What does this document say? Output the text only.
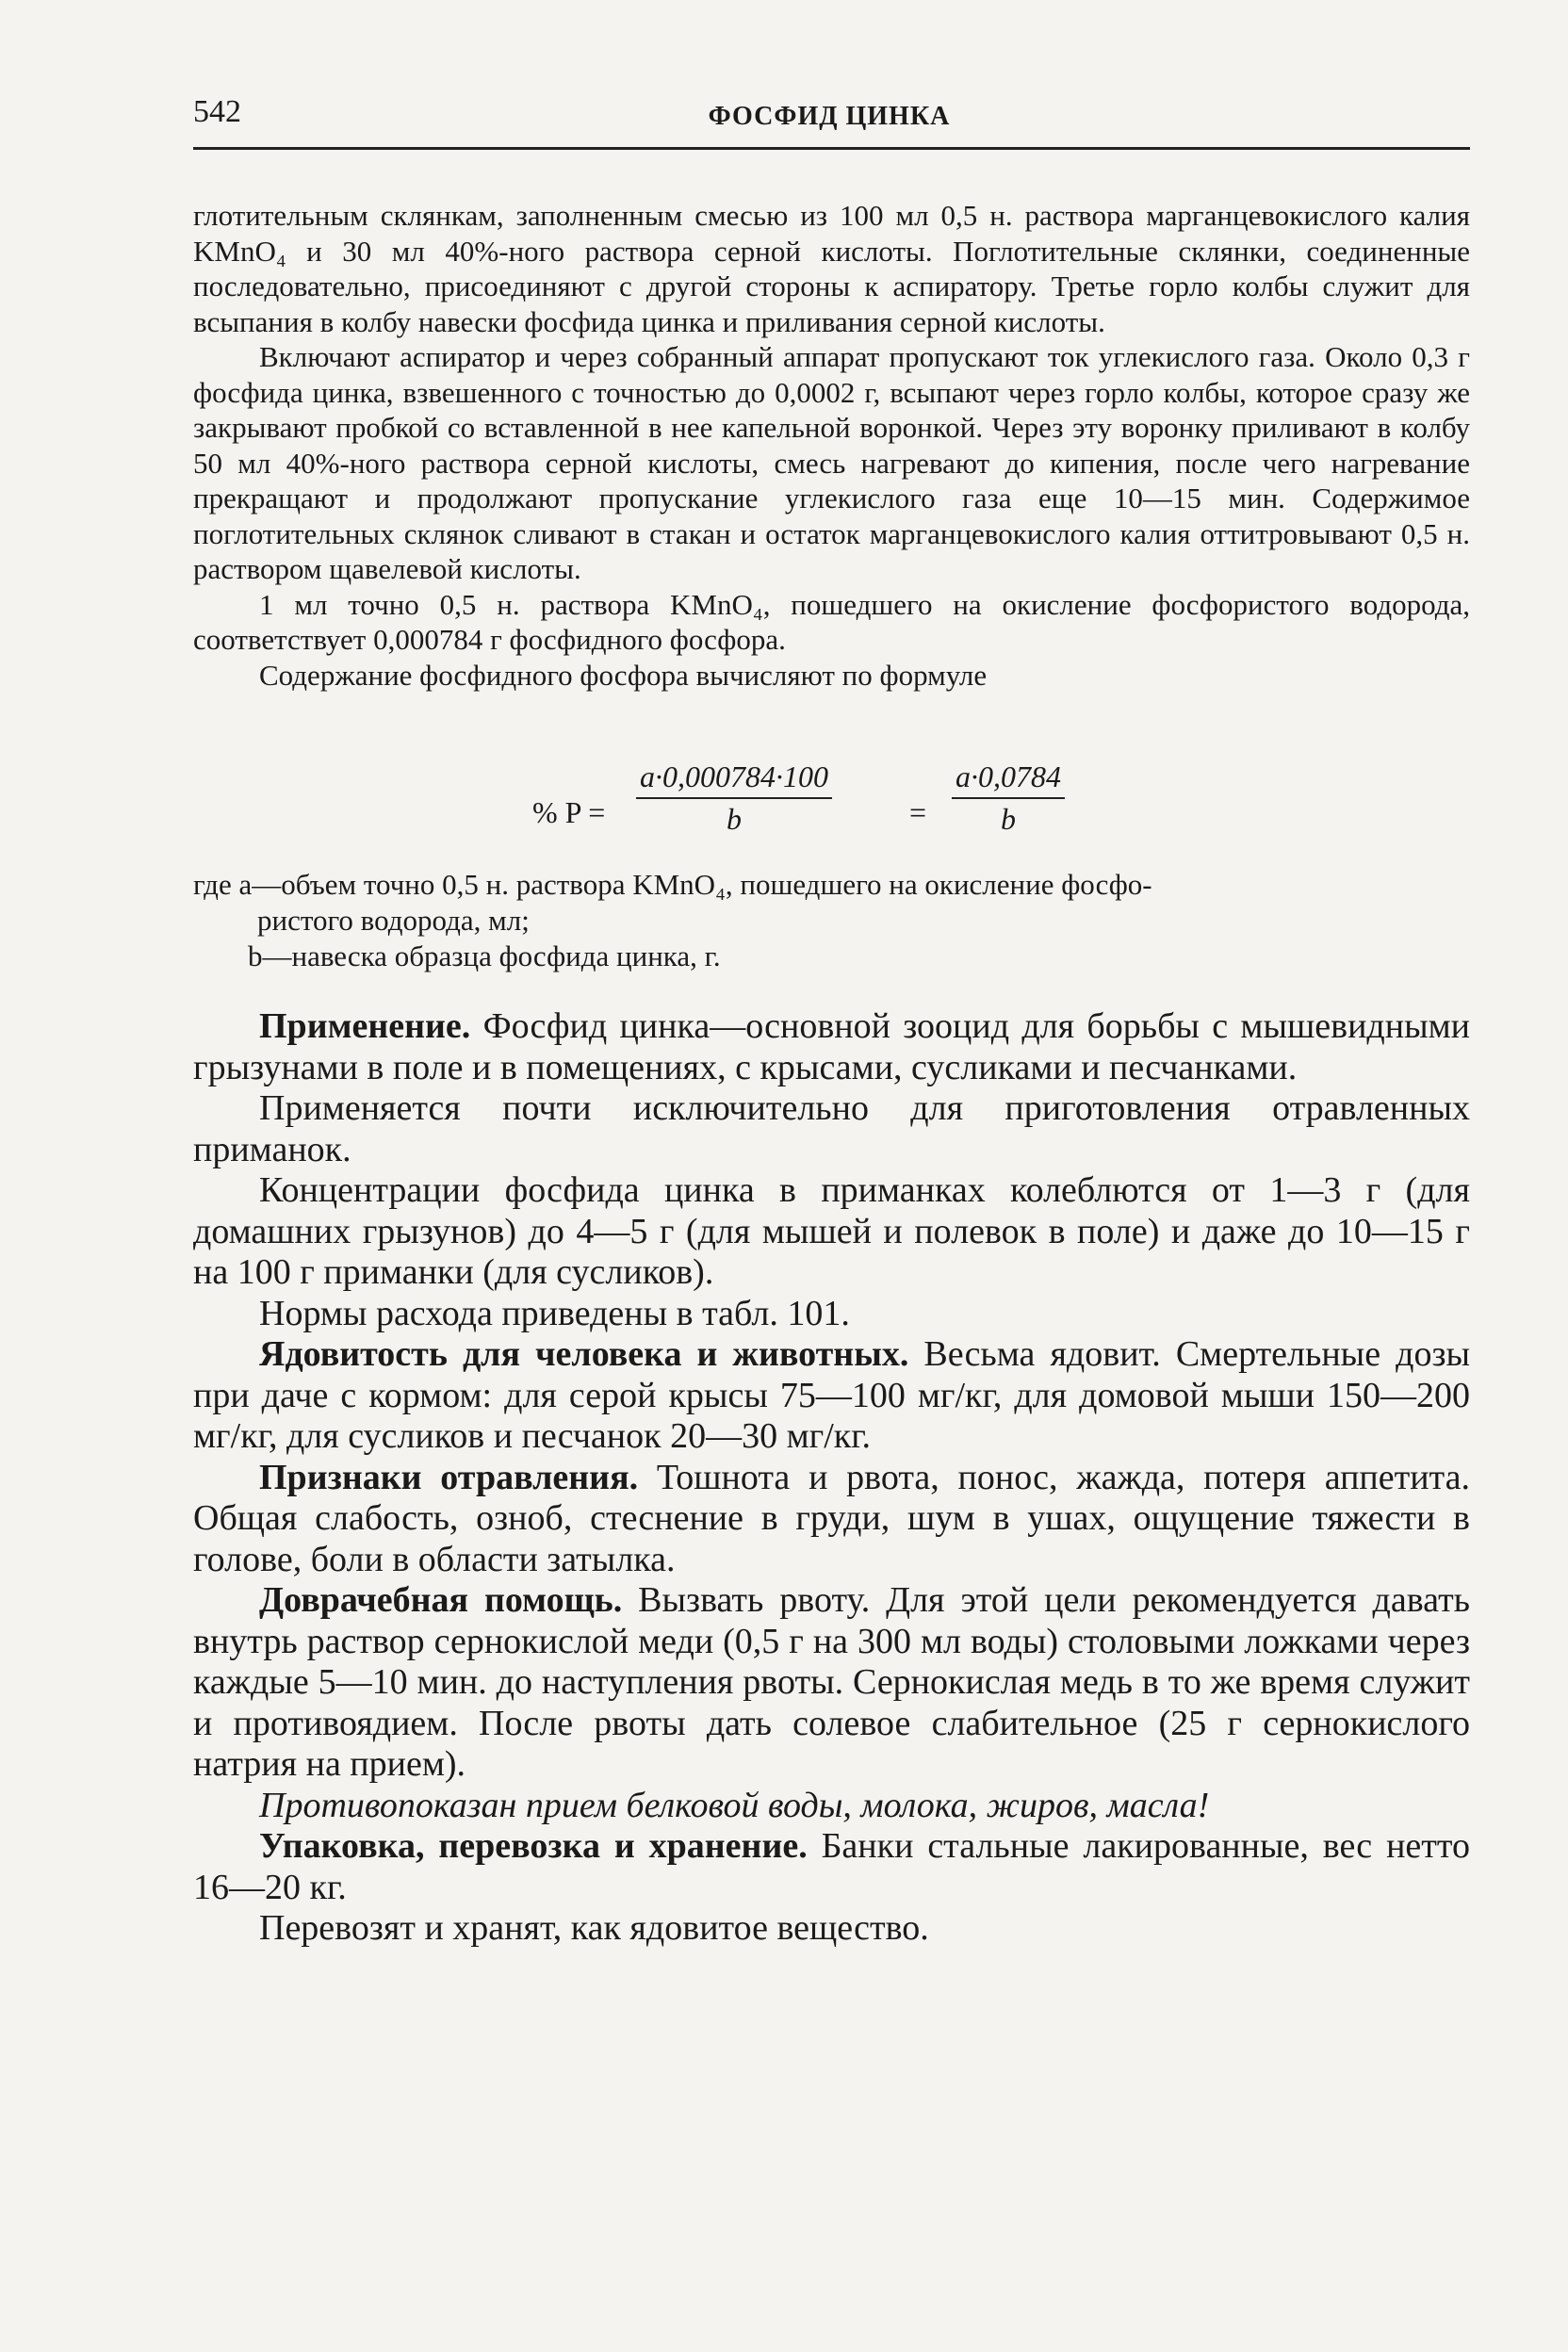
542	ФОСФИД ЦИНКА

глотительным склянкам, заполненным смесью из 100 мл 0,5 н. раствора марганцевокислого калия KMnO₄ и 30 мл 40%-ного раствора серной кислоты. Поглотительные склянки, соединенные последовательно, присоединяют с другой стороны к аспиратору. Третье горло колбы служит для всыпания в колбу навески фосфида цинка и приливания серной кислоты.

Включают аспиратор и через собранный аппарат пропускают ток углекислого газа. Около 0,3 г фосфида цинка, взвешенного с точностью до 0,0002 г, всыпают через горло колбы, которое сразу же закрывают пробкой со вставленной в нее капельной воронкой. Через эту воронку приливают в колбу 50 мл 40%-ного раствора серной кислоты, смесь нагревают до кипения, после чего нагревание прекращают и продолжают пропускание углекислого газа еще 10—15 мин. Содержимое поглотительных склянок сливают в стакан и остаток марганцевокислого калия оттитровывают 0,5 н. раствором щавелевой кислоты.

1 мл точно 0,5 н. раствора KMnO₄, пошедшего на окисление фосфористого водорода, соответствует 0,000784 г фосфидного фосфора.

Содержание фосфидного фосфора вычисляют по формуле

% P =
a·0,000784·100
b	=
a·0,0784
b
где a—объем точно 0,5 н. раствора KMnO₄, пошедшего на окисление фосфо-
ристого водорода, мл;
b—навеска образца фосфида цинка, г.

Применение. Фосфид цинка—основной зооцид для борьбы с мышевидными грызунами в поле и в помещениях, с крысами, сусликами и песчанками.

Применяется почти исключительно для приготовления отравленных приманок.

Концентрации фосфида цинка в приманках колеблются от 1—3 г (для домашних грызунов) до 4—5 г (для мышей и полевок в поле) и даже до 10—15 г на 100 г приманки (для сусликов).

Нормы расхода приведены в табл. 101.

Ядовитость для человека и животных. Весьма ядовит. Смертельные дозы при даче с кормом: для серой крысы 75—100 мг/кг, для домовой мыши 150—200 мг/кг, для сусликов и песчанок 20—30 мг/кг.

Признаки отравления. Тошнота и рвота, понос, жажда, потеря аппетита. Общая слабость, озноб, стеснение в груди, шум в ушах, ощущение тяжести в голове, боли в области затылка.

Доврачебная помощь. Вызвать рвоту. Для этой цели рекомендуется давать внутрь раствор сернокислой меди (0,5 г на 300 мл воды) столовыми ложками через каждые 5—10 мин. до наступления рвоты. Сернокислая медь в то же время служит и противоядием. После рвоты дать солевое слабительное (25 г сернокислого натрия на прием).

Противопоказан прием белковой воды, молока, жиров, масла!

Упаковка, перевозка и хранение. Банки стальные лакированные, вес нетто 16—20 кг.

Перевозят и хранят, как ядовитое вещество.
